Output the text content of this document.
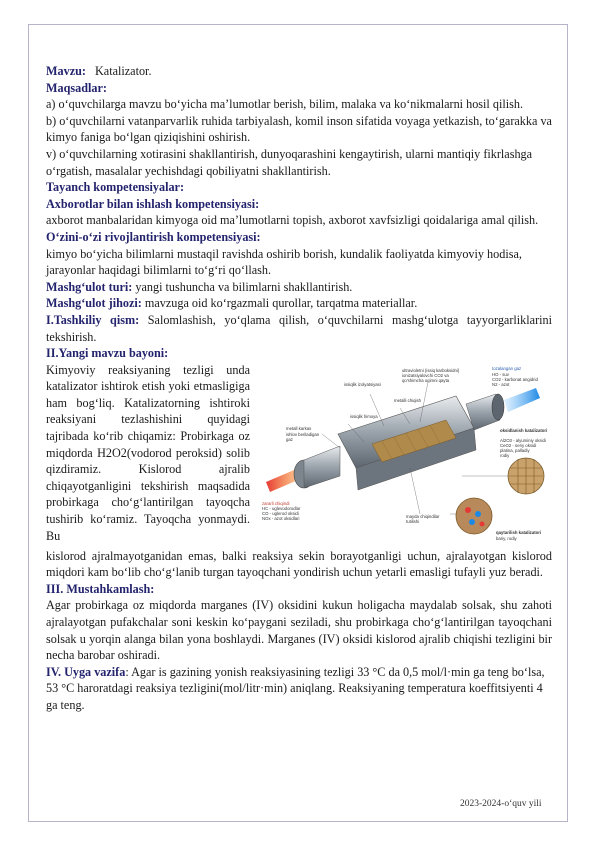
Mavzu: Katalizator.

Maqsadlar:

a) o‘quvchilarga mavzu bo‘yicha ma’lumotlar berish, bilim, malaka va ko‘nikmalarni hosil qilish.

b) o‘quvchilarni vatanparvarlik ruhida tarbiyalash, komil inson sifatida voyaga yetkazish, to‘garakka va kimyo faniga bo‘lgan qiziqishini oshirish.

v) o‘quvchilarning xotirasini shakllantirish, dunyoqarashini kengaytirish, ularni mantiqiy fikrlashga o‘rgatish, masalalar yechishdagi qobiliyatni shakllantirish.

Tayanch kompetensiyalar:

Axborotlar bilan ishlash kompetensiyasi:

axborot manbalaridan kimyoga oid ma’lumotlarni topish, axborot xavfsizligi qoidalariga amal qilish.

O‘zini-o‘zi rivojlantirish kompetensiyasi:

kimyo bo‘yicha bilimlarni mustaqil ravishda oshirib borish, kundalik faoliyatda kimyoviy hodisa, jarayonlar haqidagi bilimlarni to‘g‘ri qo‘llash.

Mashg‘ulot turi: yangi tushuncha va bilimlarni shakllantirish.

Mashg‘ulot jihozi: mavzuga oid ko‘rgazmali qurollar, tarqatma materiallar.

I.Tashkiliy qism: Salomlashish, yo‘qlama qilish, o‘quvchilarni mashg‘ulotga tayyorgarliklarini tekshirish.

II.Yangi mavzu bayoni:

Kimyoviy reaksiyaning tezligi unda katalizator ishtirok etish yoki etmasligiga ham bog‘liq. Katalizatorning ishtiroki reaksiyani tezlashishini quyidagi tajribada ko‘rib chiqamiz: Probirkaga oz miqdorda H2O2(vodorod peroksid) solib qizdiramiz. Kislorod ajralib chiqayotganligini tekshirish maqsadida probirkaga cho‘g‘lantirilgan tayoqcha tushirib ko‘ramiz. Tayoqcha yonmaydi. Bu

issiqlik izolyatsiyasi
ultravioletni (issiq karboksidni) ionizatsiyalovchi CO2 va qo'shimcha oqimni qayta
tozalangan gaz
HO - suv
CO2 - karbonat angidrid
N2 - azot
metalli chiqish
issiqlik himoya
metall karkas
ishlov beriladigan gaz
zararli chiqindi
HC - uglevodorodlar
CO - uglerod oksidi
NOx - azot oksidlari	mayda chiqindilar tutilishi
oksidlanish katalizatori
Al2O3 - alyuminiy oksidi
CeO2 - seriy oksidi
platina, palladiy
rodiy
qaytarilish katalizatori
bariy, rodiy

kislorod ajralmayotganidan emas, balki reaksiya sekin borayotganligi uchun, ajralayotgan kislorod miqdori kam bo‘lib cho‘g‘lanib turgan tayoqchani yondirish uchun yetarli emasligi tufayli yuz beradi.

III. Mustahkamlash:

Agar probirkaga oz miqdorda marganes (IV) oksidini kukun holigacha maydalab solsak, shu zahoti ajralayotgan pufakchalar soni keskin ko‘paygani seziladi, shu probirkaga cho‘g‘lantirilgan tayoqchani solsak u yorqin alanga bilan yona boshlaydi. Marganes (IV) oksidi kislorod ajralib chiqishi tezligini bir necha barobar oshiradi.

IV. Uyga vazifa: Agar is gazining yonish reaksiyasining tezligi 33 °C da 0,5 mol/l·min ga teng bo‘lsa, 53 °C haroratdagi reaksiya tezligini(mol/litr·min) aniqlang. Reaksiyaning temperatura koeffitsiyenti 4 ga teng.

2023-2024-o‘quv yili
